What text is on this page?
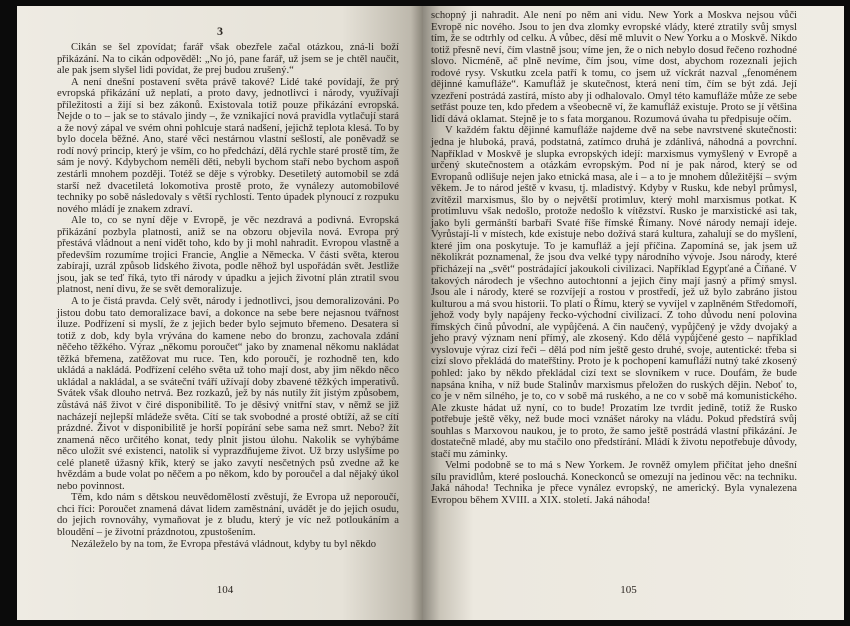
3

Cikán se šel zpovídat; farář však obezřele začal otázkou, zná-li boží přikázání. Na to cikán odpověděl: „No jó, pane farář, už jsem se je chtěl naučit, ale pak jsem slyšel lidi povídat, že prej budou zrušený.“

A není dnešní postavení světa právě takové? Lidé také povídají, že prý evropská přikázání už neplatí, a proto davy, jednotlivci i národy, využívají příležitosti a žijí si bez zákonů. Existovala totiž pouze přikázání evropská. Nejde o to – jak se to stávalo jindy –, že vznikající nová pravidla vytlačují stará a že nový zápal ve svém ohni pohlcuje stará nadšení, jejichž teplota klesá. To by bylo docela běžné. Ano, staré věci nestárnou vlastní sešlostí, ale poněvadž se rodí nový princip, který je vším, co ho předchází, dělá rychle staré prostě tím, že sám je nový. Kdybychom neměli děti, nebyli bychom staří nebo bychom aspoň zestárli mnohem později. Totéž se děje s výrobky. Desetiletý automobil se zdá starší než dvacetiletá lokomotiva prostě proto, že vynálezy automobilové techniky po sobě následovaly s větší rychlostí. Tento úpadek plynoucí z rozpuku nového mládí je znakem zdraví.

Ale to, co se nyní děje v Evropě, je věc nezdravá a podivná. Evropská přikázání pozbyla platnosti, aniž se na obzoru objevila nová. Evropa prý přestává vládnout a není vidět toho, kdo by ji mohl nahradit. Evropou vlastně a především rozumíme trojici Francie, Anglie a Německa. V části světa, kterou zabírají, uzrál způsob lidského života, podle něhož byl uspořádán svět. Jestliže jsou, jak se teď říká, tyto tři národy v úpadku a jejich životní plán ztratil svou platnost, není divu, že se svět demoralizuje.

A to je čistá pravda. Celý svět, národy i jednotlivci, jsou demoralizováni. Po jistou dobu tato demoralizace baví, a dokonce na sebe bere nejasnou tvářnost iluze. Podřízení si myslí, že z jejich beder bylo sejmuto břemeno. Desatera si totiž z dob, kdy byla vrývána do kamene nebo do bronzu, zachovala zdání něčeho těžkého. Výraz „někomu poroučet“ jako by znamenal někomu nakládat těžká břemena, zatěžovat mu ruce. Ten, kdo poroučí, je rozhodně ten, kdo ukládá a nakládá. Podřízení celého světa už toho mají dost, aby jim někdo něco ukládal a nakládal, a se sváteční tváří užívají doby zbavené těžkých imperativů. Svátek však dlouho netrvá. Bez rozkazů, jež by nás nutily žít jistým způsobem, zůstává náš život v čiré disponibilitě. To je děsivý vnitřní stav, v němž se již nacházejí nejlepší mládeže světa. Cítí se tak svobodné a prosté obtíží, až se cítí prázdné. Život v disponibilitě je horší popírání sebe sama než smrt. Nebo? žít znamená něco určitého konat, tedy plnit jistou úlohu. Nakolik se vyhýbáme něco uložit své existenci, natolik si vyprazdňujeme život. Už brzy uslyšíme po celé planetě úžasný křik, který se jako zavytí nesčetných psů zvedne až ke hvězdám a bude volat po něčem a po někom, kdo by poroučel a dal nějaký úkol nebo povinnost.

Těm, kdo nám s dětskou neuvědomělostí zvěstují, že Evropa už neporoučí, chci říci: Poroučet znamená dávat lidem zaměstnání, uvádět je do jejich osudu, do jejich rovnováhy, vymaňovat je z bludu, který je víc než potloukáním a bloudění – je životní prázdnotou, zpustošením.

Nezáleželo by na tom, že Evropa přestává vládnout, kdyby tu byl někdo

104

schopný ji nahradit. Ale není po něm ani vidu. New York a Moskva nejsou vůči Evropě nic nového. Jsou to jen dva zlomky evropské vlády, které ztratily svůj smysl tím, že se odtrhly od celku. A vůbec, děsí mě mluvit o New Yorku a o Moskvě. Nikdo totiž přesně neví, čím vlastně jsou; víme jen, že o nich nebylo dosud řečeno rozhodné slovo. Nicméně, ač plně nevíme, čím jsou, víme dost, abychom rozeznali jejich rodové rysy. Vskutku zcela patří k tomu, co jsem už víckrát nazval „fenoménem dějinné kamufláže“. Kamufláž je skutečnost, která není tím, čím se být zdá. Její vzezření postrádá zastírá, místo aby ji odhalovalo. Omyl této kamufláže může ze sebe setřást pouze ten, kdo předem a všeobecně ví, že kamufláž existuje. Proto se jí většina lidí dává oklamat. Stejně je to s fata morganou. Rozumová úvaha tu předpisuje očím.

V každém faktu dějinné kamufláže najdeme dvě na sebe navrstvené skutečnosti: jedna je hluboká, pravá, podstatná, zatímco druhá je zdánlivá, náhodná a povrchní. Například v Moskvě je slupka evropských idejí: marxismus vymyšlený v Evropě a určený skutečnostem a otázkám evropským. Pod ní je pak národ, který se od Evropanů odlišuje nejen jako etnická masa, ale i – a to je mnohem důležitější – svým věkem. Je to národ ještě v kvasu, tj. mladistvý. Kdyby v Rusku, kde nebyl průmysl, zvítězil marxismus, šlo by o největší protimluv, který mohl marxismus potkat. K protimluvu však nedošlo, protože nedošlo k vítězství. Rusko je marxistické asi tak, jako byli germánští barbaři Svaté říše římské Římany. Nové národy nemají ideje. Vyrůstají-li v místech, kde existuje nebo dožívá stará kultura, zahalují se do myšlení, které jim ona poskytuje. To je kamufláž a její příčina. Zapomíná se, jak jsem už několikrát poznamenal, že jsou dva velké typy národního vývoje. Jsou národy, které přicházejí na „svět“ postrádající jakoukoli civilizaci. Například Egypťané a Číňané. V takových národech je všechno autochtonní a jejich činy mají jasný a přímý smysl. Jsou ale i národy, které se rozvíjejí a rostou v prostředí, jež už bylo zabráno jistou kulturou a má svou historii. To platí o Římu, který se vyvíjel v zaplněném Středomoří, jehož vody byly napájeny řecko-východní civilizací. Z toho důvodu není polovina římských činů původní, ale vypůjčená. A čin naučený, vypůjčený je vždy dvojaký a jeho pravý význam není přímý, ale zkosený. Kdo dělá vypůjčené gesto – například vyslovuje výraz cizí řeči – dělá pod ním ještě gesto druhé, svoje, autentické: třeba si cizí slovo překládá do mateřštiny. Proto je k pochopení kamufláží nutný také zkosený pohled: jako by někdo překládal cizí text se slovníkem v ruce. Doufám, že bude napsána kniha, v níž bude Stalinův marxismus přeložen do ruských dějin. Neboť to, co je v něm silného, je to, co v sobě má ruského, a ne co v sobě má komunistického. Ale zkuste hádat už nyní, co to bude! Prozatím lze tvrdit jedině, totiž že Rusko potřebuje ještě věky, než bude moci vznášet nároky na vládu. Pokud předstírá svůj souhlas s Marxovou naukou, je to proto, že samo ještě postrádá vlastní přikázání. Je dostatečně mladé, aby mu stačilo ono předstírání. Mládí k životu nepotřebuje důvody, stačí mu záminky.

Velmi podobně se to má s New Yorkem. Je rovněž omylem přičítat jeho dnešní sílu pravidlům, které poslouchá. Koneckonců se omezují na jedinou věc: na techniku. Jaká náhoda! Technika je přece vynález evropský, ne americký. Byla vynalezena Evropou během XVIII. a XIX. století. Jaká náhoda!

105
